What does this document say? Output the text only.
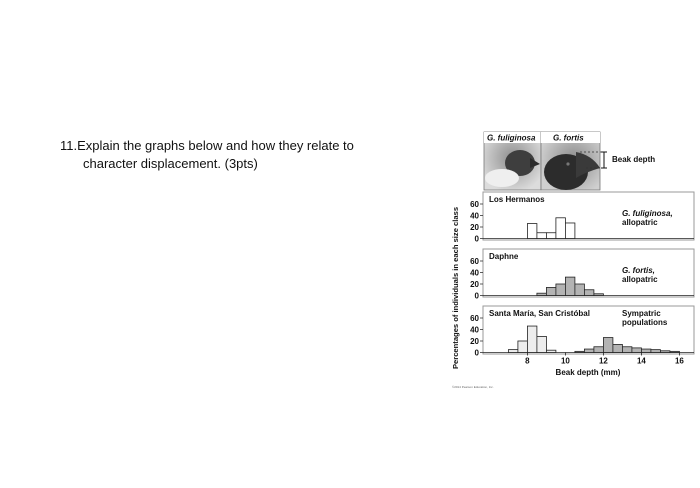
11.Explain the graphs below and how they relate to
character displacement. (3pts)
G. fuliginosa G. fortis
Beak depth
Percentages of individuals in each size class 0
20
40
60
Los Hermanos
G. fuliginosa,
allopatric
0
20
40
60
Daphne
G. fortis,
allopatric
0
20
40
60
Santa María, San Cristóbal	Sympatric
populations
8	10	12	14	16
Beak depth (mm)
©2014 Pearson Education, Inc.
